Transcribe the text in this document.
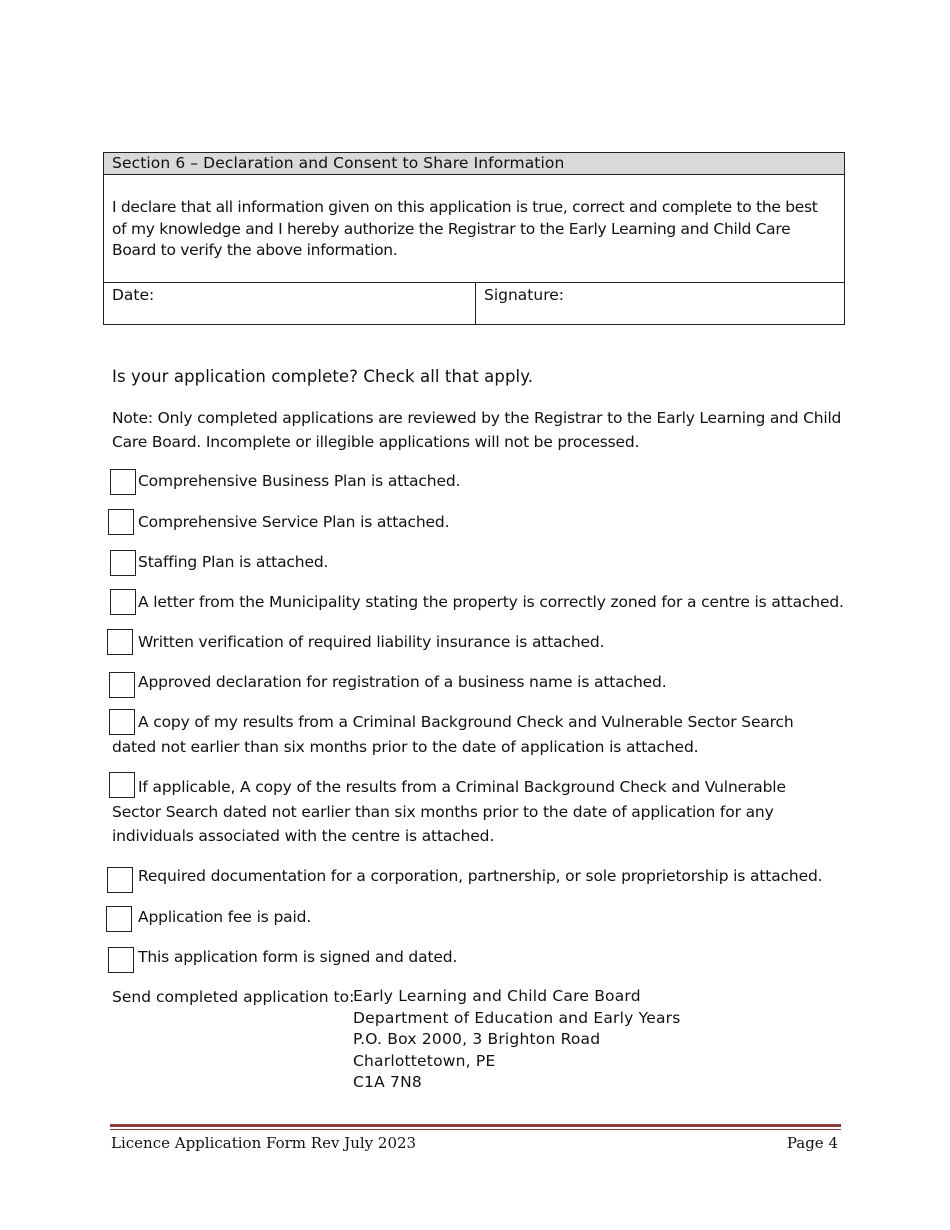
Section 6 – Declaration and Consent to Share Information
I declare that all information given on this application is true, correct and complete to the best of my knowledge and I hereby authorize the Registrar to the Early Learning and Child Care Board to verify the above information.
Date:	Signature:
Is your application complete? Check all that apply.
Note: Only completed applications are reviewed by the Registrar to the Early Learning and Child Care Board. Incomplete or illegible applications will not be processed.
Comprehensive Business Plan is attached.
Comprehensive Service Plan is attached.
Staffing Plan is attached.
A letter from the Municipality stating the property is correctly zoned for a centre is attached.
Written verification of required liability insurance is attached.
Approved declaration for registration of a business name is attached.
A copy of my results from a Criminal Background Check and Vulnerable Sector Search dated not earlier than six months prior to the date of application is attached.
If applicable, A copy of the results from a Criminal Background Check and Vulnerable Sector Search dated not earlier than six months prior to the date of application for any individuals associated with the centre is attached.
Required documentation for a corporation, partnership, or sole proprietorship is attached.
Application fee is paid.
This application form is signed and dated.
Send completed application to:
Early Learning and Child Care Board
Department of Education and Early Years
P.O. Box 2000, 3 Brighton Road
Charlottetown, PE
C1A 7N8
Licence Application Form Rev July 2023	Page 4
